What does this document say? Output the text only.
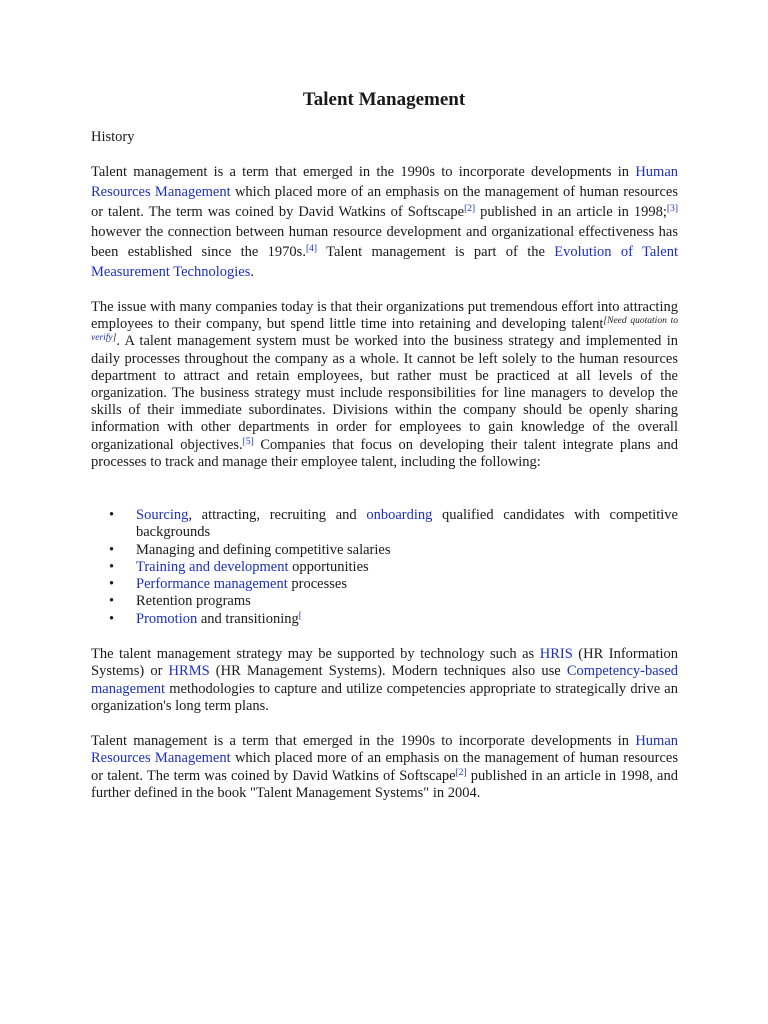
Talent Management

History

Talent management is a term that emerged in the 1990s to incorporate developments in Human Resources Management which placed more of an emphasis on the management of human resources or talent. The term was coined by David Watkins of Softscape[2] published in an article in 1998;[3] however the connection between human resource development and organizational effectiveness has been established since the 1970s.[4] Talent management is part of the Evolution of Talent Measurement Technologies.

The issue with many companies today is that their organizations put tremendous effort into attracting employees to their company, but spend little time into retaining and developing talent[Need quotation to verify]. A talent management system must be worked into the business strategy and implemented in daily processes throughout the company as a whole. It cannot be left solely to the human resources department to attract and retain employees, but rather must be practiced at all levels of the organization. The business strategy must include responsibilities for line managers to develop the skills of their immediate subordinates. Divisions within the company should be openly sharing information with other departments in order for employees to gain knowledge of the overall organizational objectives.[5] Companies that focus on developing their talent integrate plans and processes to track and manage their employee talent, including the following:

• Sourcing, attracting, recruiting and onboarding qualified candidates with competitive backgrounds
• Managing and defining competitive salaries
• Training and development opportunities
• Performance management processes
• Retention programs
• Promotion and transitioning[

The talent management strategy may be supported by technology such as HRIS (HR Information Systems) or HRMS (HR Management Systems). Modern techniques also use Competency-based management methodologies to capture and utilize competencies appropriate to strategically drive an organization's long term plans.

Talent management is a term that emerged in the 1990s to incorporate developments in Human Resources Management which placed more of an emphasis on the management of human resources or talent. The term was coined by David Watkins of Softscape[2] published in an article in 1998, and further defined in the book "Talent Management Systems" in 2004.
